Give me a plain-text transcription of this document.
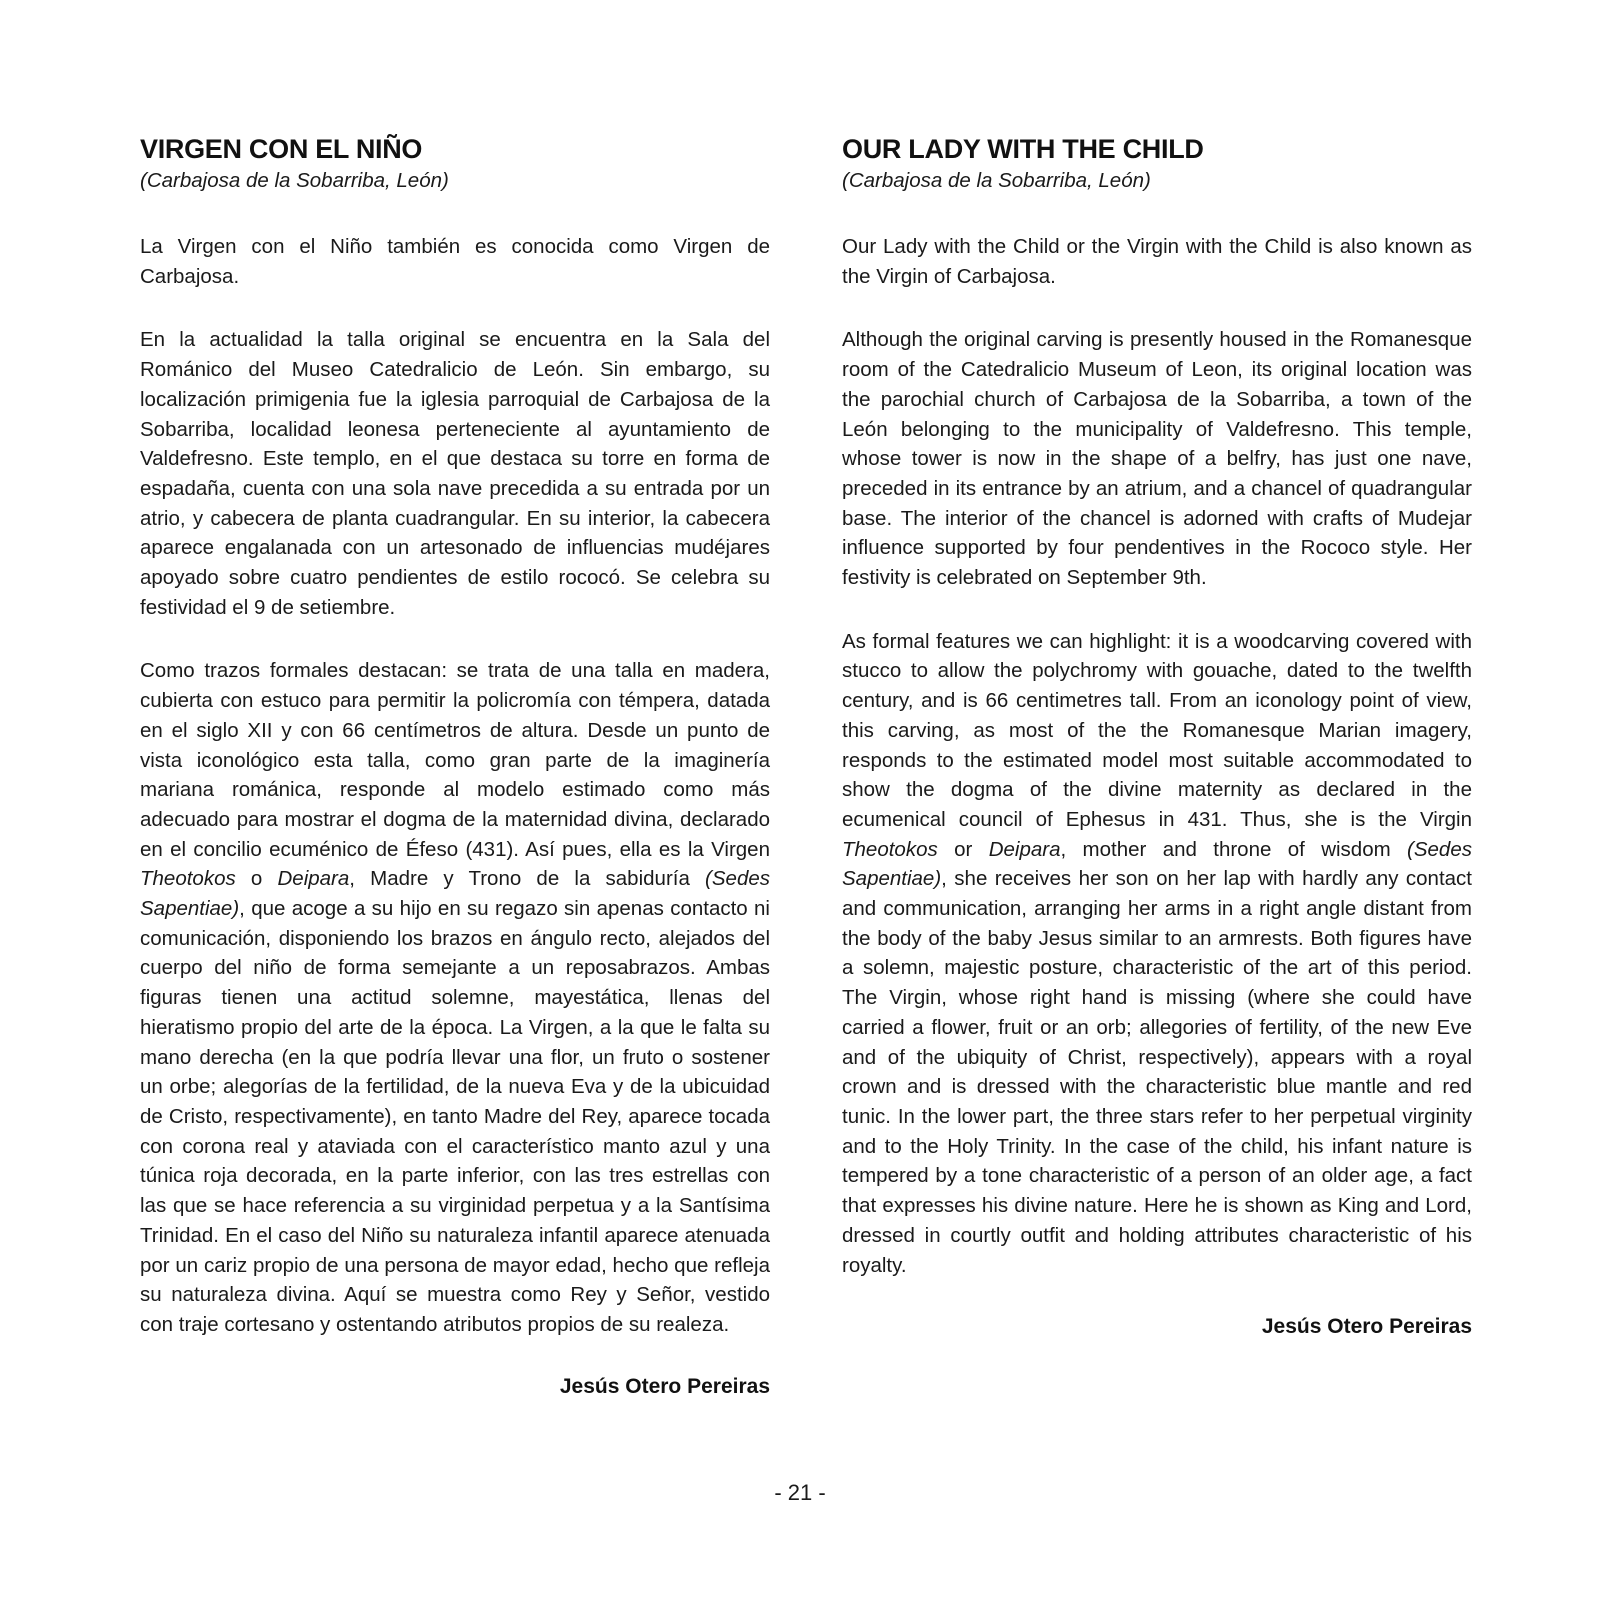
VIRGEN CON EL NIÑO

(Carbajosa de la Sobarriba, León)

La Virgen con el Niño también es conocida como Virgen de Carbajosa.

En la actualidad la talla original se encuentra en la Sala del Románico del Museo Catedralicio de León. Sin embargo, su localización primigenia fue la iglesia parroquial de Carbajosa de la Sobarriba, localidad leonesa perteneciente al ayuntamiento de Valdefresno. Este templo, en el que destaca su torre en forma de espadaña, cuenta con una sola nave precedida a su entrada por un atrio, y cabecera de planta cuadrangular. En su interior, la cabecera aparece engalanada con un artesonado de influencias mudéjares apoyado sobre cuatro pendientes de estilo rococó. Se celebra su festividad el 9 de setiembre.

Como trazos formales destacan: se trata de una talla en madera, cubierta con estuco para permitir la policromía con témpera, datada en el siglo XII y con 66 centímetros de altura. Desde un punto de vista iconológico esta talla, como gran parte de la imaginería mariana románica, responde al modelo estimado como más adecuado para mostrar el dogma de la maternidad divina, declarado en el concilio ecuménico de Éfeso (431). Así pues, ella es la Virgen Theotokos o Deipara, Madre y Trono de la sabiduría (Sedes Sapentiae), que acoge a su hijo en su regazo sin apenas contacto ni comunicación, disponiendo los brazos en ángulo recto, alejados del cuerpo del niño de forma semejante a un reposabrazos. Ambas figuras tienen una actitud solemne, mayestática, llenas del hieratismo propio del arte de la época. La Virgen, a la que le falta su mano derecha (en la que podría llevar una flor, un fruto o sostener un orbe; alegorías de la fertilidad, de la nueva Eva y de la ubicuidad de Cristo, respectivamente), en tanto Madre del Rey, aparece tocada con corona real y ataviada con el característico manto azul y una túnica roja decorada, en la parte inferior, con las tres estrellas con las que se hace referencia a su virginidad perpetua y a la Santísima Trinidad. En el caso del Niño su naturaleza infantil aparece atenuada por un cariz propio de una persona de mayor edad, hecho que refleja su naturaleza divina. Aquí se muestra como Rey y Señor, vestido con traje cortesano y ostentando atributos propios de su realeza.

Jesús Otero Pereiras
OUR LADY WITH THE CHILD

(Carbajosa de la Sobarriba, León)

Our Lady with the Child or the Virgin with the Child is also known as the Virgin of Carbajosa.

Although the original carving is presently housed in the Romanesque room of the Catedralicio Museum of Leon, its original location was the parochial church of Carbajosa de la Sobarriba, a town of the León belonging to the municipality of Valdefresno. This temple, whose tower is now in the shape of a belfry, has just one nave, preceded in its entrance by an atrium, and a chancel of quadrangular base. The interior of the chancel is adorned with crafts of Mudejar influence supported by four pendentives in the Rococo style. Her festivity is celebrated on September 9th.

As formal features we can highlight: it is a woodcarving covered with stucco to allow the polychromy with gouache, dated to the twelfth century, and is 66 centimetres tall. From an iconology point of view, this carving, as most of the the Romanesque Marian imagery, responds to the estimated model most suitable accommodated to show the dogma of the divine maternity as declared in the ecumenical council of Ephesus in 431. Thus, she is the Virgin Theotokos or Deipara, mother and throne of wisdom (Sedes Sapentiae), she receives her son on her lap with hardly any contact and communication, arranging her arms in a right angle distant from the body of the baby Jesus similar to an armrests. Both figures have a solemn, majestic posture, characteristic of the art of this period. The Virgin, whose right hand is missing (where she could have carried a flower, fruit or an orb; allegories of fertility, of the new Eve and of the ubiquity of Christ, respectively), appears with a royal crown and is dressed with the characteristic blue mantle and red tunic. In the lower part, the three stars refer to her perpetual virginity and to the Holy Trinity. In the case of the child, his infant nature is tempered by a tone characteristic of a person of an older age, a fact that expresses his divine nature. Here he is shown as King and Lord, dressed in courtly outfit and holding attributes characteristic of his royalty.

Jesús Otero Pereiras
- 21 -
